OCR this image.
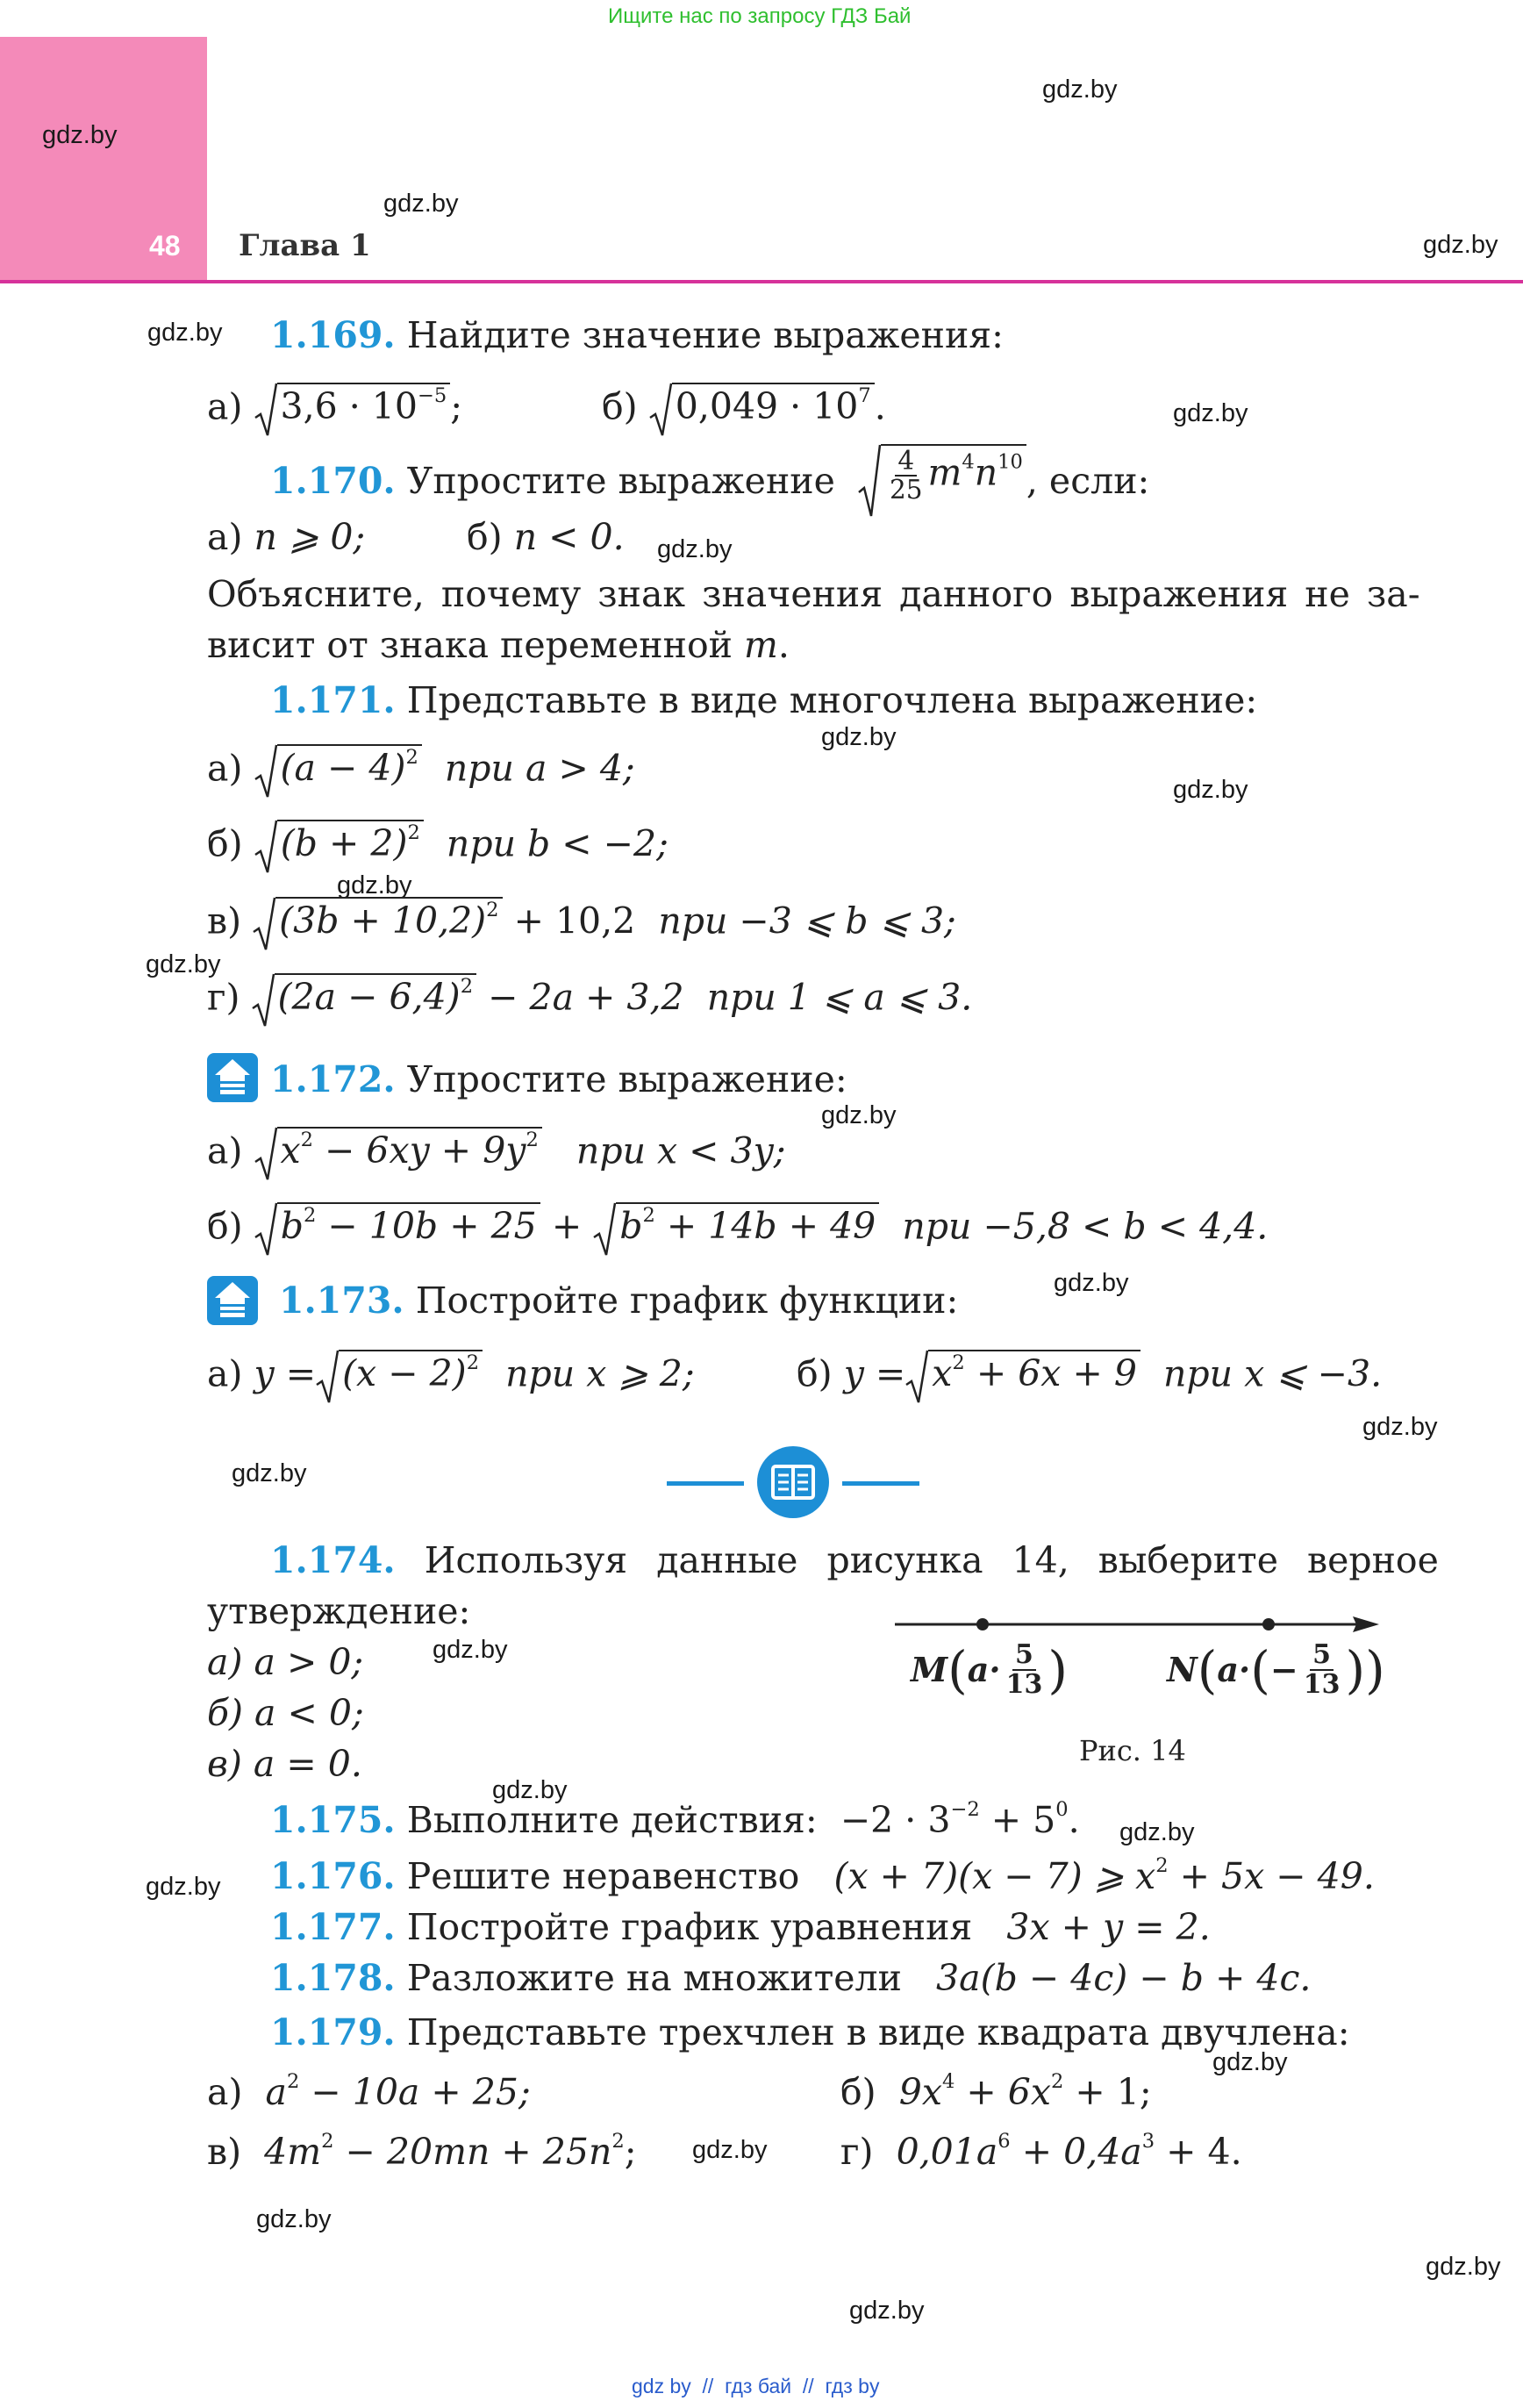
Ищите нас по запросу ГДЗ Бай
48 Глава 1
gdz.by
gdz.by
gdz.by
gdz.by
gdz.by
gdz.by
gdz.by
gdz.by
gdz.by
gdz.by
gdz.by
gdz.by
gdz.by
gdz.by
gdz.by
gdz.by
gdz.by
gdz.by
gdz.by
gdz.by
gdz.by
gdz.by
gdz.by
gdz.by
1.169. Найдите значение выражения:
а) $3,6 \cdot 10^{-5}$ ;	б) $0,049 \cdot 10^7$ .
1.170.
Упростите выражение
$\frac{4}{25} m^4n^{10}$ , если:
а) n ⩾ 0;	б) n < 0.
Объясните, почему знак значения данного выражения не за-
висит от знака переменной m.
1.171. Представьте в виде многочлена выражение:
а) $(a - 4)^2$ при a > 4;
б) $(b + 2)^2$ при b < −2;
в) $(3b + 10,2)^2 + 10,2$ при −3 ⩽ b ⩽ 3;
г) $(2a - 6,4)^2 - 2a + 3,2$ при 1 ⩽ a ⩽ 3.
1.172. Упростите выражение:
а) $x^2 - 6xy + 9y^2$ при x < 3y;
б) $b^2 - 10b + 25 + b^2 + 14b + 49$ при −5,8 < b < 4,4.
1.173. Постройте график функции:
а) $y = (x - 2)^2$ при x ⩾ 2;	б) $y = x^2 + 6x + 9$ при x ⩽ −3.
1.174. Используя данные рисунка 14, выберите верное
утверждение:
а) a > 0;
б) a < 0;
в) a = 0.
M ( $a \cdot \frac{5}{13}$ )	N ( a · ( − $\frac{5}{13}$ ))
Рис. 14
1.175. Выполните действия: $-2 \cdot 3^{-2} + 5^0$.
1.176. Решите неравенство (x + 7)(x − 7) ⩾ $x^2 + 5x - 49$.
1.177. Постройте график уравнения 3x + y = 2.
1.178. Разложите на множители 3a(b − 4c) − b + 4c.
1.179. Представьте трехчлен в виде квадрата двучлена:
а) $a^2 - 10a + 25$;	б) $9x^4 + 6x^2 + 1$;
в) $4m^2 - 20mn + 25n^2$;	г) $0,01a^6 + 0,4a^3 + 4$.
gdz by  //  гдз бай  //  гдз by
